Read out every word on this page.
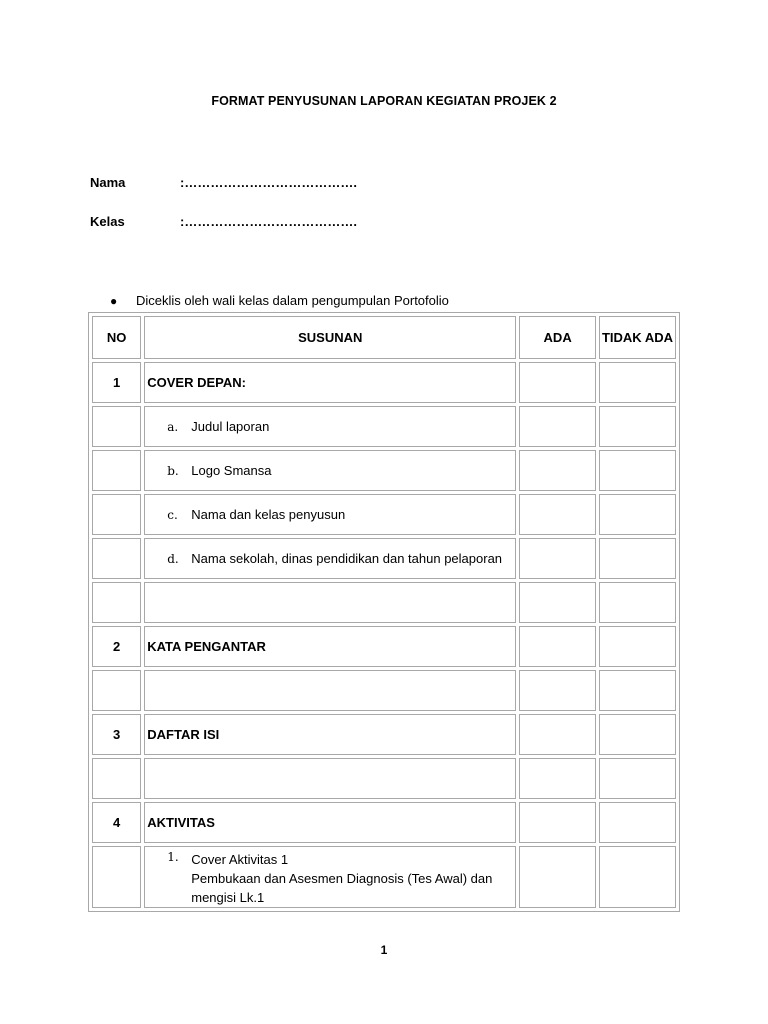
FORMAT PENYUSUNAN LAPORAN KEGIATAN PROJEK 2
Nama	:………………………………….
Kelas	:………………………………….
● Diceklis oleh wali kelas dalam pengumpulan Portofolio
NO	SUSUNAN	ADA	TIDAK ADA
1	COVER DEPAN:		

	a. Judul laporan		

	b. Logo Smansa		

	c. Nama dan kelas penyusun		

	d. Nama sekolah, dinas pendidikan dan tahun pelaporan		

2	KATA PENGANTAR		

3	DAFTAR ISI		

4	AKTIVITAS		

	1. Cover Aktivitas 1
Pembukaan dan Asesmen Diagnosis (Tes Awal) dan
mengisi Lk.1		

1
